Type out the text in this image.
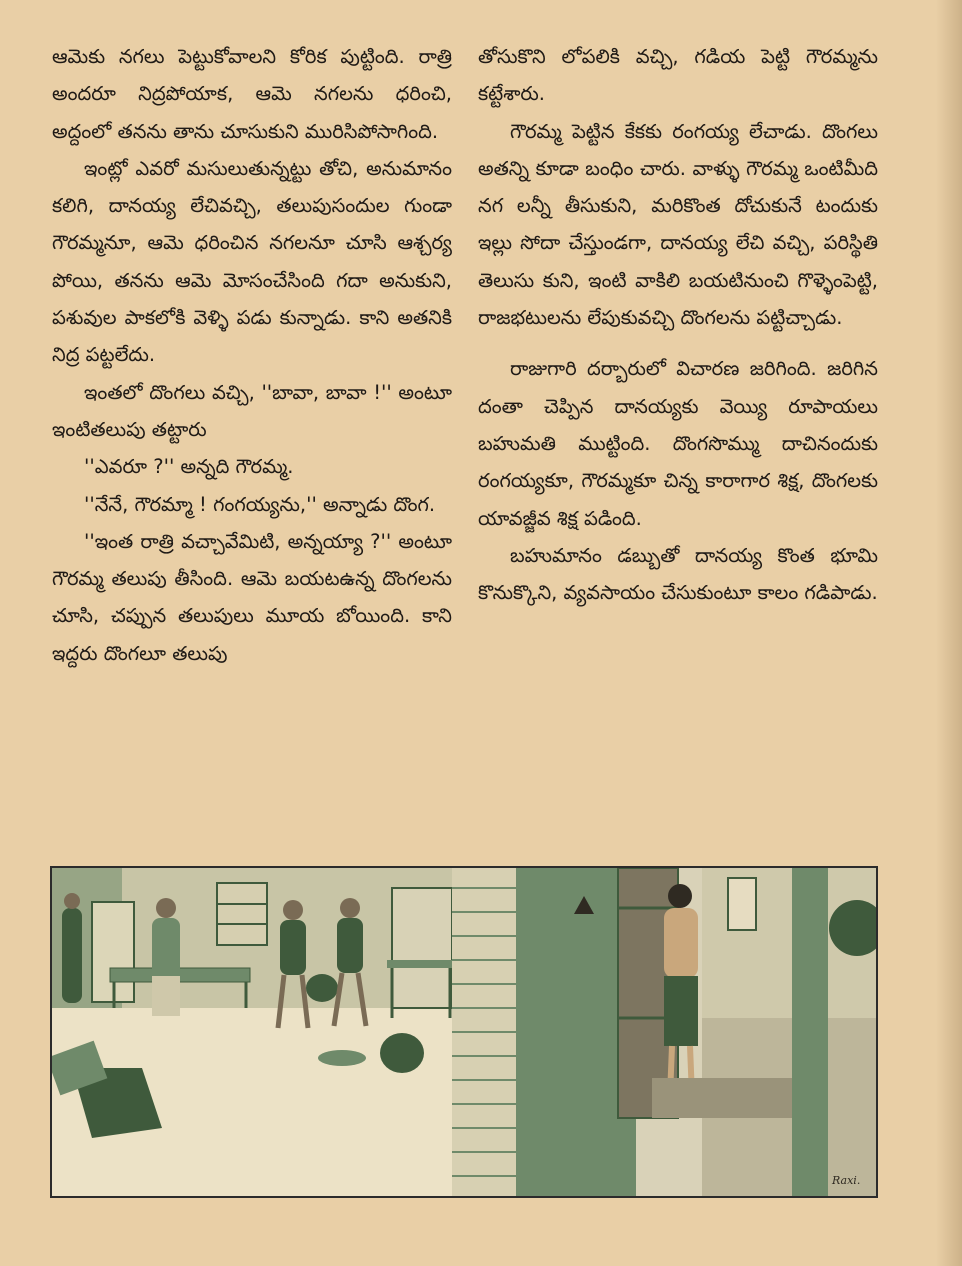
ఆమెకు నగలు పెట్టుకోవాలని కోరిక పుట్టింది. రాత్రి అందరూ నిద్రపోయాక, ఆమె నగలను ధరించి, అద్దంలో తనను తాను చూసుకుని మురిసిపోసాగింది.

ఇంట్లో ఎవరో మసులుతున్నట్టు తోచి, అనుమానం కలిగి, దానయ్య లేచివచ్చి, తలుపుసందుల గుండా గౌరమ్మనూ, ఆమె ధరించిన నగలనూ చూసి ఆశ్చర్య పోయి, తనను ఆమె మోసంచేసింది గదా అనుకుని, పశువుల పాకలోకి వెళ్ళి పడు కున్నాడు. కాని అతనికి నిద్ర పట్టలేదు.

ఇంతలో దొంగలు వచ్చి, ''బావా, బావా !'' అంటూ ఇంటితలుపు తట్టారు

''ఎవరూ ?'' అన్నది గౌరమ్మ.

''నేనే, గౌరమ్మా ! గంగయ్యను,'' అన్నాడు దొంగ.

''ఇంత రాత్రి వచ్చావేమిటి, అన్నయ్యా ?'' అంటూ గౌరమ్మ తలుపు తీసింది. ఆమె బయటఉన్న దొంగలను చూసి, చప్పున తలుపులు మూయ బోయింది. కాని ఇద్దరు దొంగలూ తలుపు

తోసుకొని లోపలికి వచ్చి, గడియ పెట్టి గౌరమ్మను కట్టేశారు.

గౌరమ్మ పెట్టిన కేకకు రంగయ్య లేచాడు. దొంగలు అతన్ని కూడా బంధిం చారు. వాళ్ళు గౌరమ్మ ఒంటిమీది నగ లన్నీ తీసుకుని, మరికొంత దోచుకునే టందుకు ఇల్లు సోదా చేస్తుండగా, దానయ్య లేచి వచ్చి, పరిస్థితి తెలుసు కుని, ఇంటి వాకిలి బయటినుంచి గొళ్ళెంపెట్టి, రాజభటులను లేపుకువచ్చి దొంగలను పట్టిచ్చాడు.

రాజుగారి దర్బారులో విచారణ జరిగింది. జరిగిన దంతా చెప్పిన దానయ్యకు వెయ్యి రూపాయలు బహుమతి ముట్టింది. దొంగసొమ్ము దాచినందుకు రంగయ్యకూ, గౌరమ్మకూ చిన్న కారాగార శిక్ష, దొంగలకు యావజ్జీవ శిక్ష పడింది.

బహుమానం డబ్బుతో దానయ్య కొంత భూమి కొనుక్కొని, వ్యవసాయం చేసుకుంటూ కాలం గడిపాడు.

Raxi.
